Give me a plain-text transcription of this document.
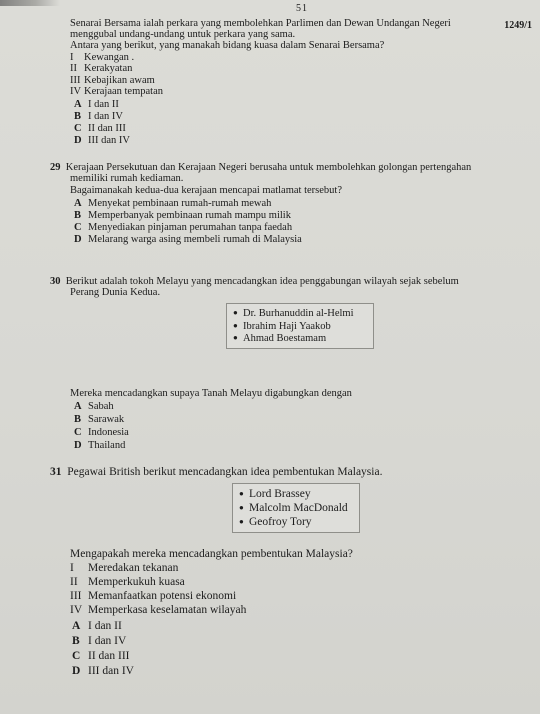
51
1249/1
Senarai Bersama ialah perkara yang membolehkan Parlimen dan Dewan Undangan Negeri
menggubal undang-undang untuk perkara yang sama.
Antara yang berikut, yang manakah bidang kuasa dalam Senarai Bersama?
I Kewangan .
II Kerakyatan
III Kebajikan awam
IV Kerajaan tempatan
A I dan II
B I dan IV
C II dan III
D III dan IV
29 Kerajaan Persekutuan dan Kerajaan Negeri berusaha untuk membolehkan golongan pertengahan
memiliki rumah kediaman.
Bagaimanakah kedua-dua kerajaan mencapai matlamat tersebut?
A Menyekat pembinaan rumah-rumah mewah
B Memperbanyak pembinaan rumah mampu milik
C Menyediakan pinjaman perumahan tanpa faedah
D Melarang warga asing membeli rumah di Malaysia
30 Berikut adalah tokoh Melayu yang mencadangkan idea penggabungan wilayah sejak sebelum
Perang Dunia Kedua.
● Dr. Burhanuddin al-Helmi
● Ibrahim Haji Yaakob
● Ahmad Boestamam
Mereka mencadangkan supaya Tanah Melayu digabungkan dengan
A Sabah
B Sarawak
C Indonesia
D Thailand
31 Pegawai British berikut mencadangkan idea pembentukan Malaysia.
● Lord Brassey
● Malcolm MacDonald
● Geofroy Tory
Mengapakah mereka mencadangkan pembentukan Malaysia?
I Meredakan tekanan
II Memperkukuh kuasa
III Memanfaatkan potensi ekonomi
IV Memperkasa keselamatan wilayah
A I dan II
B I dan IV
C II dan III
D III dan IV
